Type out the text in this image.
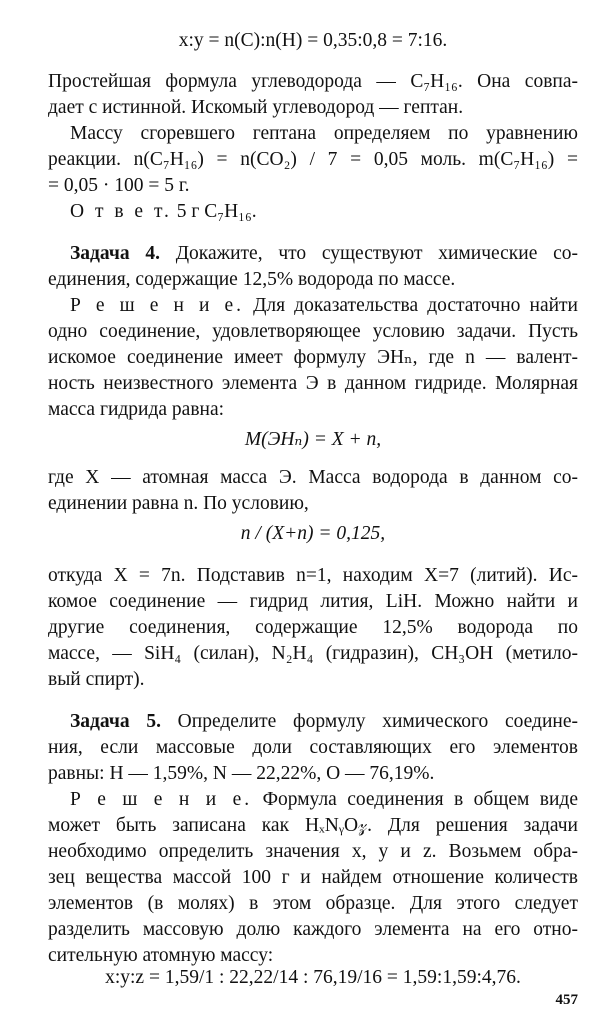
x:y = n(C):n(H) = 0,35:0,8 = 7:16.
Простейшая формула углеводорода — C₇H₁₆. Она совпа-
дает с истинной. Искомый углеводород — гептан.
Массу сгоревшего гептана определяем по уравнению
реакции. n(C₇H₁₆) = n(CO₂) / 7 = 0,05 моль. m(C₇H₁₆) =
= 0,05 · 100 = 5 г.
О т в е т. 5 г C₇H₁₆.
Задача 4. Докажите, что существуют химические со-
единения, содержащие 12,5% водорода по массе.
Р е ш е н и е. Для доказательства достаточно найти
одно соединение, удовлетворяющее условию задачи. Пусть
искомое соединение имеет формулу ЭHₙ, где n — валент-
ность неизвестного элемента Э в данном гидриде. Молярная
масса гидрида равна:
M(ЭHₙ) = X + n,
где X — атомная масса Э. Масса водорода в данном со-
единении равна n. По условию,
n / (X+n) = 0,125,
откуда X = 7n. Подставив n=1, находим X=7 (литий). Ис-
комое соединение — гидрид лития, LiH. Можно найти и
другие соединения, содержащие 12,5% водорода по
массе, — SiH₄ (силан), N₂H₄ (гидразин), CH₃OH (метило-
вый спирт).
Задача 5. Определите формулу химического соедине-
ния, если массовые доли составляющих его элементов
равны: H — 1,59%, N — 22,22%, O — 76,19%.
Р е ш е н и е. Формула соединения в общем виде
может быть записана как HₓNᵧO𝓏. Для решения задачи
необходимо определить значения x, y и z. Возьмем обра-
зец вещества массой 100 г и найдем отношение количеств
элементов (в молях) в этом образце. Для этого следует
разделить массовую долю каждого элемента на его отно-
сительную атомную массу:
x:y:z = 1,59/1 : 22,22/14 : 76,19/16 = 1,59:1,59:4,76.
457
